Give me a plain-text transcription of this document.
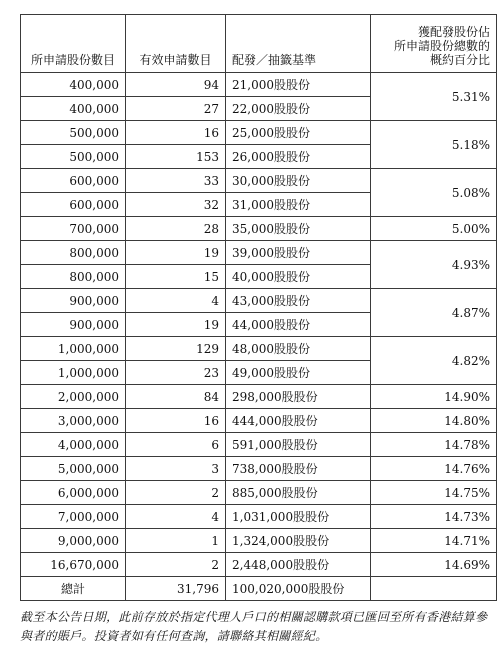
所申請股份數目	有效申請數目	配發／抽籤基準	獲配發股份佔
所申請股份總數的
概約百分比

400,000	94	21,000股股份	5.31%
400,000	27	22,000股股份	
500,000	16	25,000股股份	5.18%
500,000	153	26,000股股份	
600,000	33	30,000股股份	5.08%
600,000	32	31,000股股份	
700,000	28	35,000股股份	5.00%
800,000	19	39,000股股份	4.93%
800,000	15	40,000股股份	
900,000	4	43,000股股份	4.87%
900,000	19	44,000股股份	
1,000,000	129	48,000股股份	4.82%
1,000,000	23	49,000股股份	
2,000,000	84	298,000股股份	14.90%
3,000,000	16	444,000股股份	14.80%
4,000,000	6	591,000股股份	14.78%
5,000,000	3	738,000股股份	14.76%
6,000,000	2	885,000股股份	14.75%
7,000,000	4	1,031,000股股份	14.73%
9,000,000	1	1,324,000股股份	14.71%
16,670,000	2	2,448,000股股份	14.69%
總計	31,796	100,020,000股股份	
截至本公告日期，此前存放於指定代理人戶口的相關認購款項已匯回至所有香港結算參與者的賬戶。投資者如有任何查詢，請聯絡其相關經紀。
